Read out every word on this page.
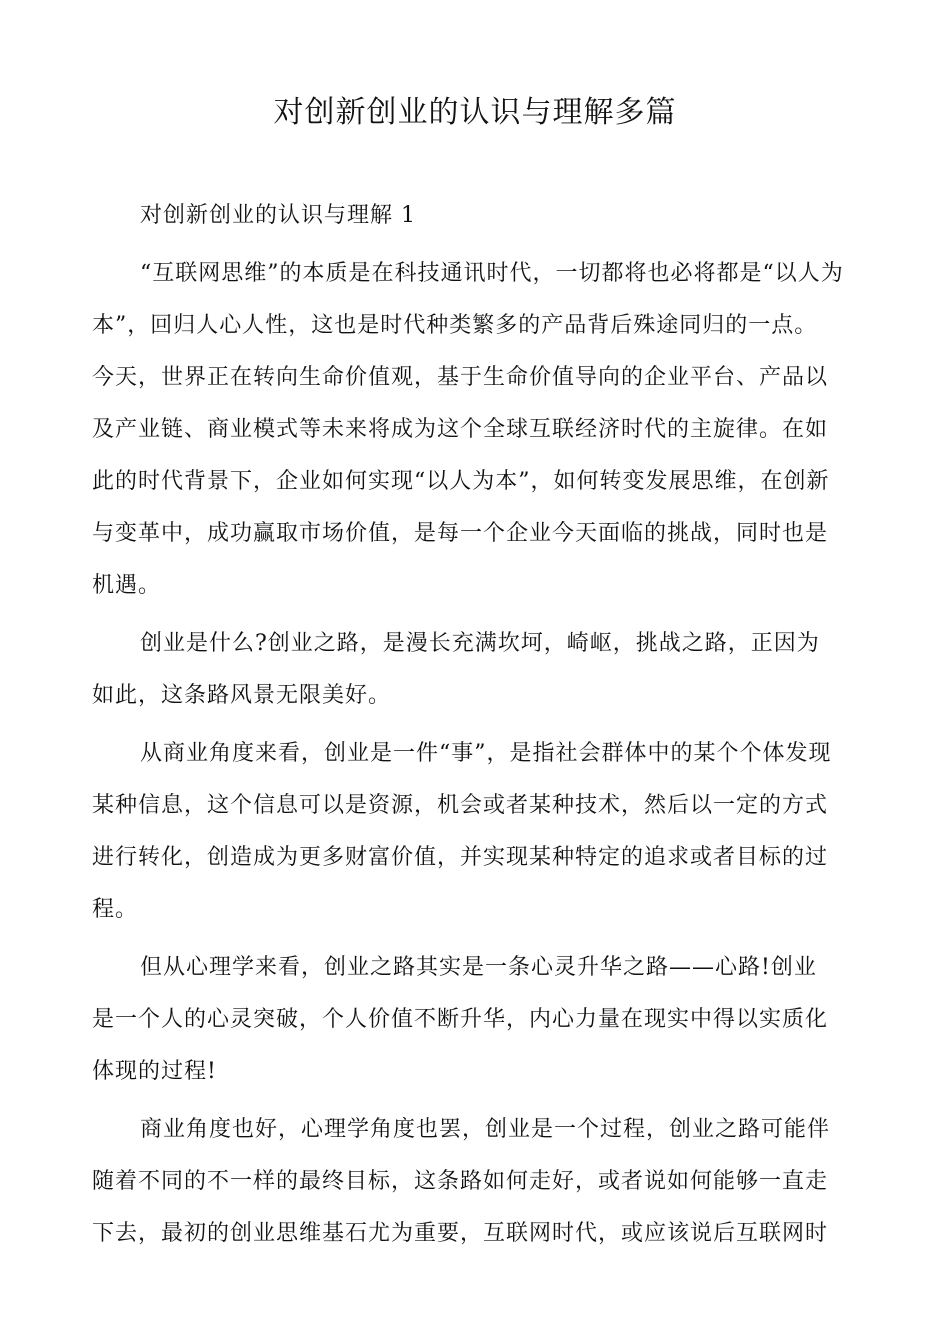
对创新创业的认识与理解多篇
对创新创业的认识与理解 1

“互联网思维”的本质是在科技通讯时代，一切都将也必将都是“以人为
本”，回归人心人性，这也是时代种类繁多的产品背后殊途同归的一点。
今天，世界正在转向生命价值观，基于生命价值导向的企业平台、产品以
及产业链、商业模式等未来将成为这个全球互联经济时代的主旋律。在如
此的时代背景下，企业如何实现“以人为本”，如何转变发展思维，在创新
与变革中，成功赢取市场价值，是每一个企业今天面临的挑战，同时也是
机遇。

创业是什么?创业之路，是漫长充满坎坷，崎岖，挑战之路，正因为
如此，这条路风景无限美好。

从商业角度来看，创业是一件“事”，是指社会群体中的某个个体发现
某种信息，这个信息可以是资源，机会或者某种技术，然后以一定的方式
进行转化，创造成为更多财富价值，并实现某种特定的追求或者目标的过
程。

但从心理学来看，创业之路其实是一条心灵升华之路——心路!创业
是一个人的心灵突破，个人价值不断升华，内心力量在现实中得以实质化
体现的过程!

商业角度也好，心理学角度也罢，创业是一个过程，创业之路可能伴
随着不同的不一样的最终目标，这条路如何走好，或者说如何能够一直走
下去，最初的创业思维基石尤为重要，互联网时代，或应该说后互联网时
